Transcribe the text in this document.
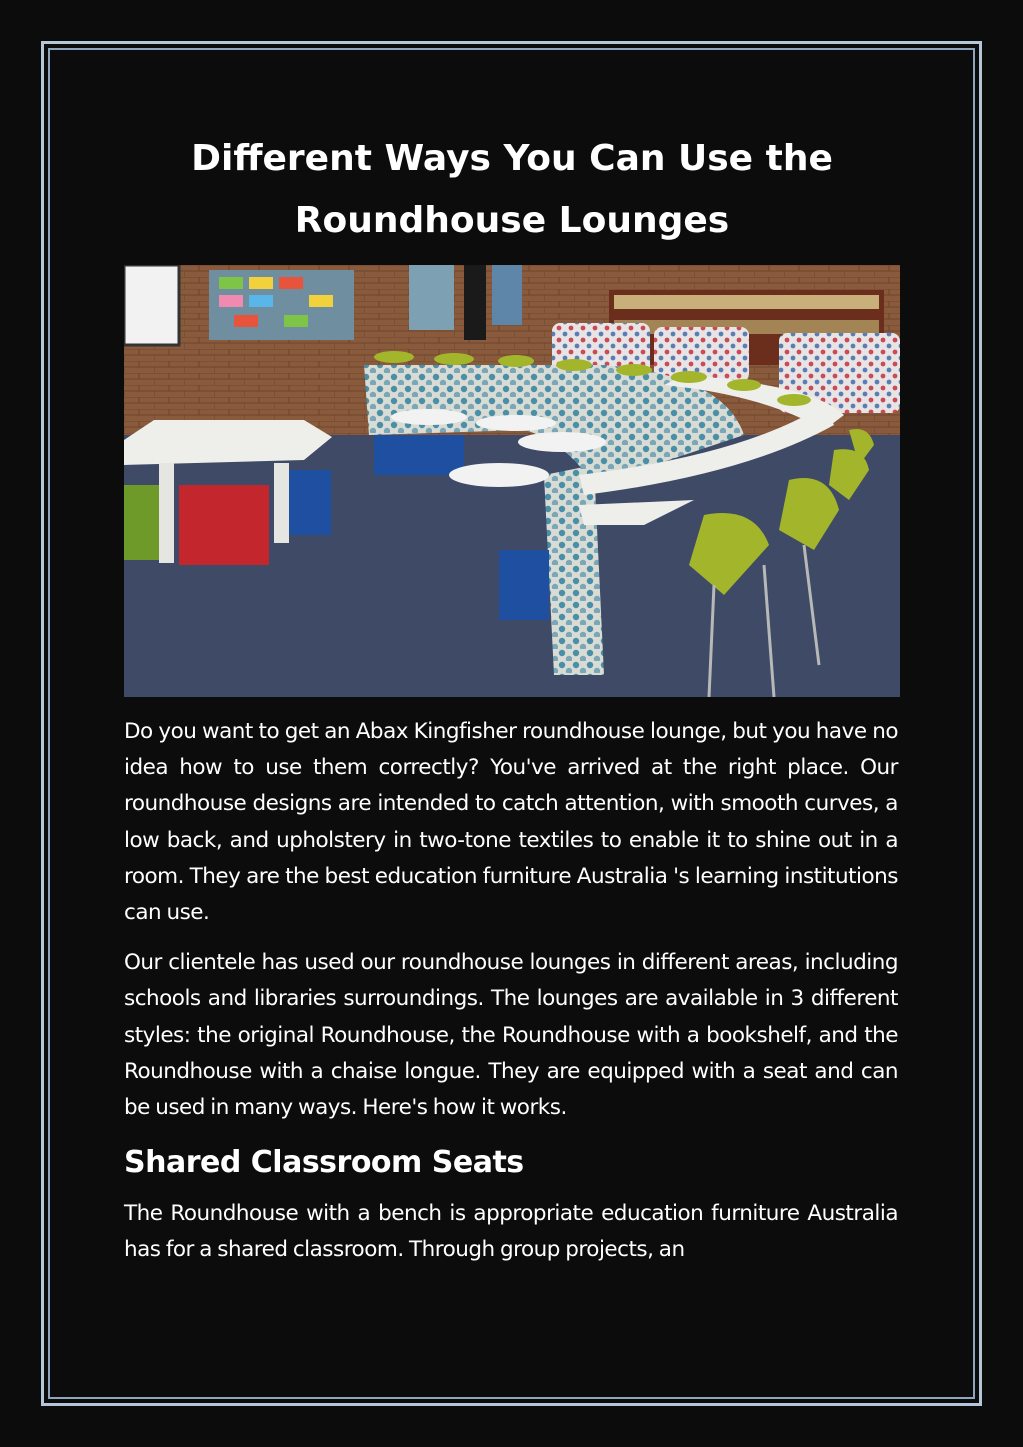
Different Ways You Can Use the Roundhouse Lounges

Do you want to get an Abax Kingfisher roundhouse lounge, but you have no idea how to use them correctly? You've arrived at the right place. Our roundhouse designs are intended to catch attention, with smooth curves, a low back, and upholstery in two-tone textiles to enable it to shine out in a room. They are the best education furniture Australia 's learning institutions can use.

Our clientele has used our roundhouse lounges in different areas, including schools and libraries surroundings. The lounges are available in 3 different styles: the original Roundhouse, the Roundhouse with a bookshelf, and the Roundhouse with a chaise longue. They are equipped with a seat and can be used in many ways. Here's how it works.

Shared Classroom Seats

The Roundhouse with a bench is appropriate education furniture Australia has for a shared classroom. Through group projects, an
